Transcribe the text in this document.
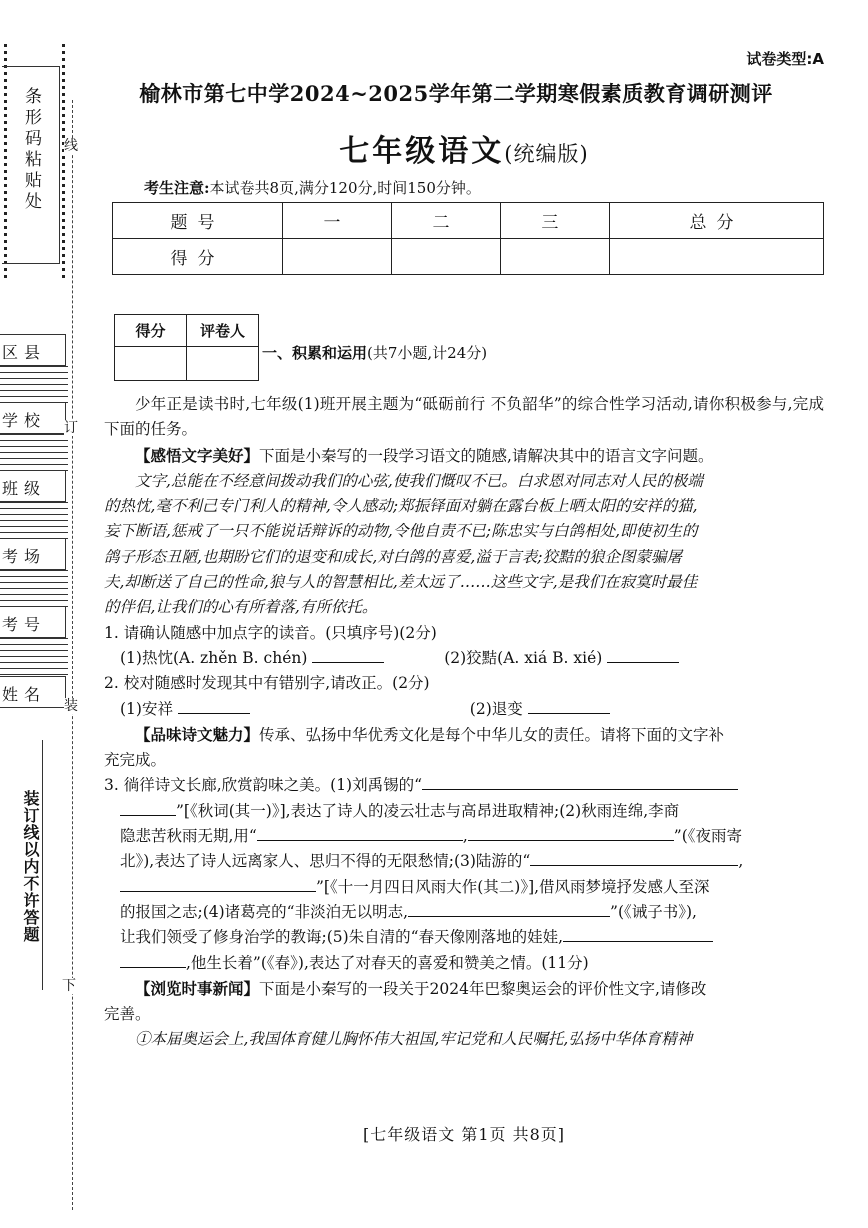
条形码粘贴处
区县
学校
班级
考场
考号
姓名
线
订
装
下
装订线以内不许答题
试卷类型:A
榆林市第七中学2024~2025学年第二学期寒假素质教育调研测评
七年级语文(统编版)
考生注意:本试卷共8页,满分120分,时间150分钟。
题号	一	二	三	总分
得分				
得分	评卷人

一、积累和运用(共7小题,计24分)
少年正是读书时,七年级(1)班开展主题为“砥砺前行 不负韶华”的综合性学习活动,请你积极参与,完成下面的任务。
【感悟文字美好】下面是小秦写的一段学习语文的随感,请解决其中的语言文字问题。
文字,总能在不经意间拨动我们的心弦,使我们慨叹不已。白求恩对同志对人民的极端
的热忱,毫不利己专门利人的精神,令人感动;郑振铎面对躺在露台板上晒太阳的安祥的猫,
妄下断语,惩戒了一只不能说话辩诉的动物,令他自责不已;陈忠实与白鸽相处,即使初生的
鸽子形态丑陋,也期盼它们的退变和成长,对白鸽的喜爱,溢于言表;狡黠的狼企图蒙骗屠
夫,却断送了自己的性命,狼与人的智慧相比,差太远了……这些文字,是我们在寂寞时最佳
的伴侣,让我们的心有所着落,有所依托。
1. 请确认随感中加点字的读音。(只填序号)(2分)
(1)热忱(A. zhěn B. chén)	(2)狡黠(A. xiá B. xié)
2. 校对随感时发现其中有错别字,请改正。(2分)
(1)安祥	(2)退变
【品味诗文魅力】传承、弘扬中华优秀文化是每个中华儿女的责任。请将下面的文字补
充完成。
3. 徜徉诗文长廊,欣赏韵味之美。(1)刘禹锡的“
”[《秋词(其一)》],表达了诗人的凌云壮志与高昂进取精神;(2)秋雨连绵,李商
隐悲苦秋雨无期,用“	,	”(《夜雨寄
北》),表达了诗人远离家人、思归不得的无限愁情;(3)陆游的“	,
”[《十一月四日风雨大作(其二)》],借风雨梦境抒发感人至深
的报国之志;(4)诸葛亮的“非淡泊无以明志,	”(《诫子书》),
让我们领受了修身治学的教诲;(5)朱自清的“春天像刚落地的娃娃,
,他生长着”(《春》),表达了对春天的喜爱和赞美之情。(11分)
【浏览时事新闻】下面是小秦写的一段关于2024年巴黎奥运会的评价性文字,请修改
完善。
①本届奥运会上,我国体育健儿胸怀伟大祖国,牢记党和人民嘱托,弘扬中华体育精神
[七年级语文 第1页 共8页]
